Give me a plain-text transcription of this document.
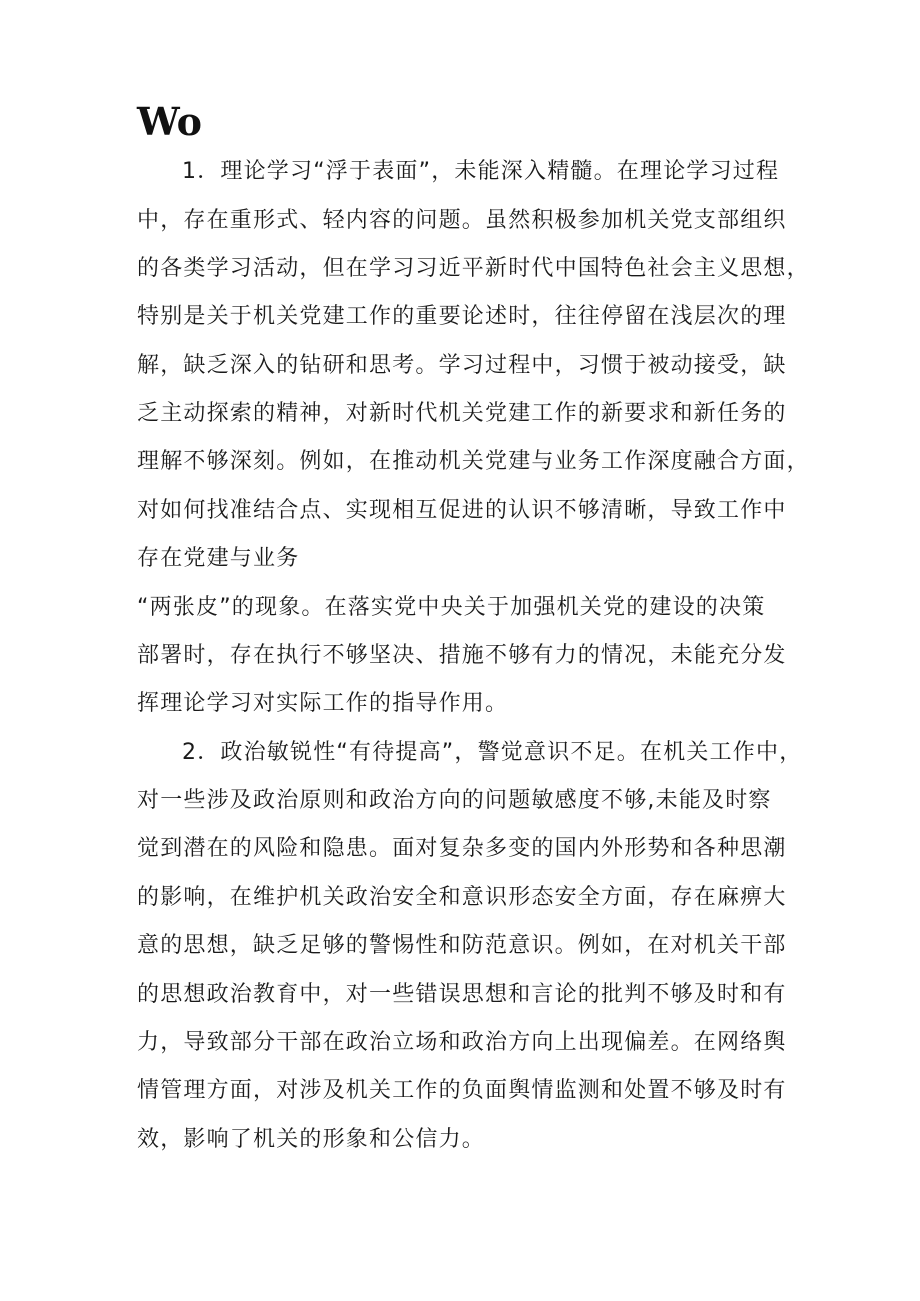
Wo
1．理论学习“浮于表面”，未能深入精髓。在理论学习过程
中，存在重形式、轻内容的问题。虽然积极参加机关党支部组织
的各类学习活动，但在学习习近平新时代中国特色社会主义思想，
特别是关于机关党建工作的重要论述时，往往停留在浅层次的理
解，缺乏深入的钻研和思考。学习过程中，习惯于被动接受，缺
乏主动探索的精神，对新时代机关党建工作的新要求和新任务的
理解不够深刻。例如，在推动机关党建与业务工作深度融合方面，
对如何找准结合点、实现相互促进的认识不够清晰，导致工作中
存在党建与业务
“两张皮”的现象。在落实党中央关于加强机关党的建设的决策
部署时，存在执行不够坚决、措施不够有力的情况，未能充分发
挥理论学习对实际工作的指导作用。
2．政治敏锐性“有待提高”，警觉意识不足。在机关工作中，
对一些涉及政治原则和政治方向的问题敏感度不够,未能及时察
觉到潜在的风险和隐患。面对复杂多变的国内外形势和各种思潮
的影响，在维护机关政治安全和意识形态安全方面，存在麻痹大
意的思想，缺乏足够的警惕性和防范意识。例如，在对机关干部
的思想政治教育中，对一些错误思想和言论的批判不够及时和有
力，导致部分干部在政治立场和政治方向上出现偏差。在网络舆
情管理方面，对涉及机关工作的负面舆情监测和处置不够及时有
效，影响了机关的形象和公信力。
